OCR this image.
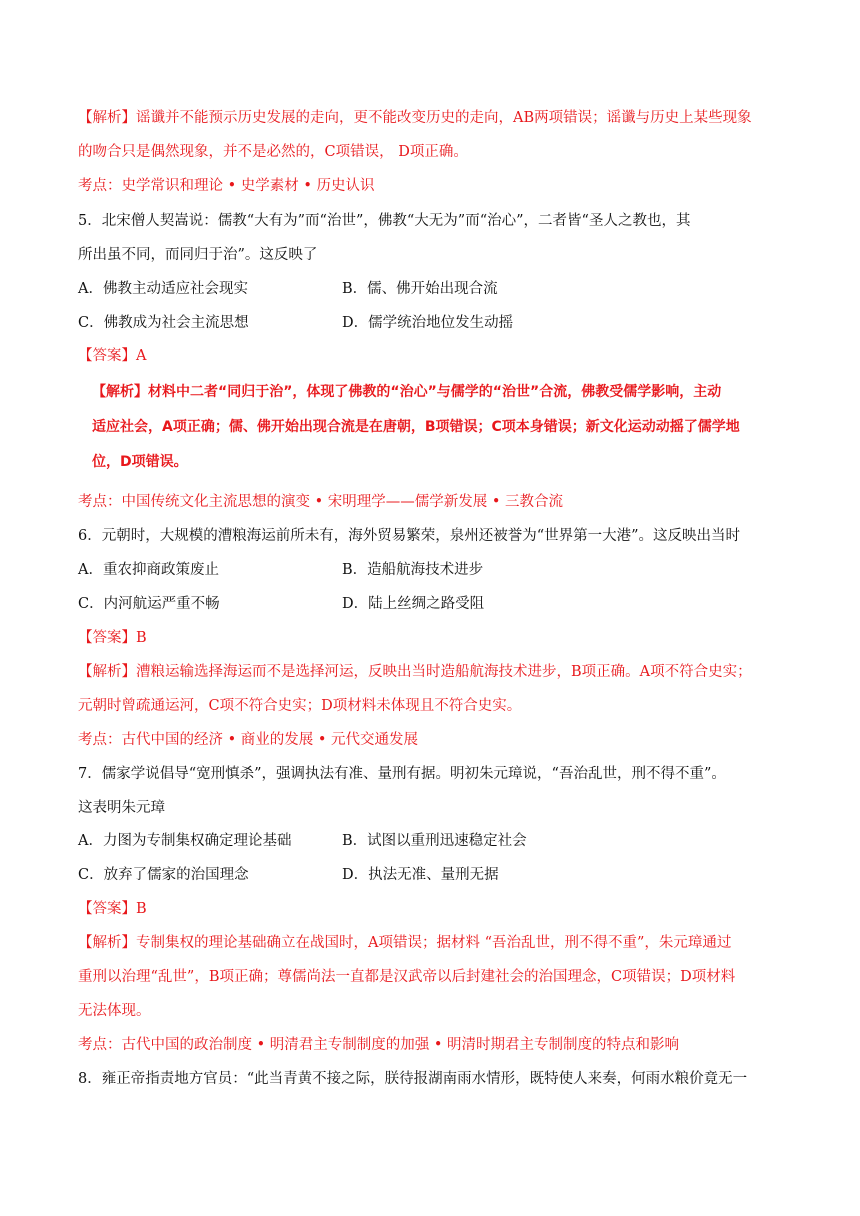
【解析】谣谶并不能预示历史发展的走向，更不能改变历史的走向，AB两项错误；谣谶与历史上某些现象
的吻合只是偶然现象，并不是必然的，C项错误， D项正确。
考点：史学常识和理论 • 史学素材 • 历史认识
5．北宋僧人契嵩说：儒教“大有为”而“治世”，佛教“大无为”而“治心”，二者皆“圣人之教也，其
所出虽不同，而同归于治”。这反映了
A．佛教主动适应社会现实	B．儒、佛开始出现合流
C．佛教成为社会主流思想	D．儒学统治地位发生动摇
【答案】A
【解析】材料中二者“同归于治”，体现了佛教的“治心”与儒学的“治世”合流，佛教受儒学影响，主动
适应社会，A项正确；儒、佛开始出现合流是在唐朝，B项错误；C项本身错误；新文化运动动摇了儒学地
位，D项错误。
考点：中国传统文化主流思想的演变 • 宋明理学——儒学新发展 • 三教合流
6．元朝时，大规模的漕粮海运前所未有，海外贸易繁荣，泉州还被誉为“世界第一大港”。这反映出当时
A．重农抑商政策废止	B．造船航海技术进步
C．内河航运严重不畅	D．陆上丝绸之路受阻
【答案】B
【解析】漕粮运输选择海运而不是选择河运，反映出当时造船航海技术进步，B项正确。A项不符合史实；
元朝时曾疏通运河，C项不符合史实；D项材料未体现且不符合史实。
考点：古代中国的经济 • 商业的发展 • 元代交通发展
7．儒家学说倡导“宽刑慎杀”，强调执法有准、量刑有据。明初朱元璋说，“吾治乱世，刑不得不重”。
这表明朱元璋
A．力图为专制集权确定理论基础	B．试图以重刑迅速稳定社会
C．放弃了儒家的治国理念	D．执法无准、量刑无据
【答案】B
【解析】专制集权的理论基础确立在战国时，A项错误；据材料 “吾治乱世，刑不得不重”，朱元璋通过
重刑以治理“乱世”，B项正确；尊儒尚法一直都是汉武帝以后封建社会的治国理念，C项错误；D项材料
无法体现。
考点：古代中国的政治制度 • 明清君主专制制度的加强 • 明清时期君主专制制度的特点和影响
8．雍正帝指责地方官员：“此当青黄不接之际，朕待报湖南雨水情形，既特使人来奏，何雨水粮价竟无一
